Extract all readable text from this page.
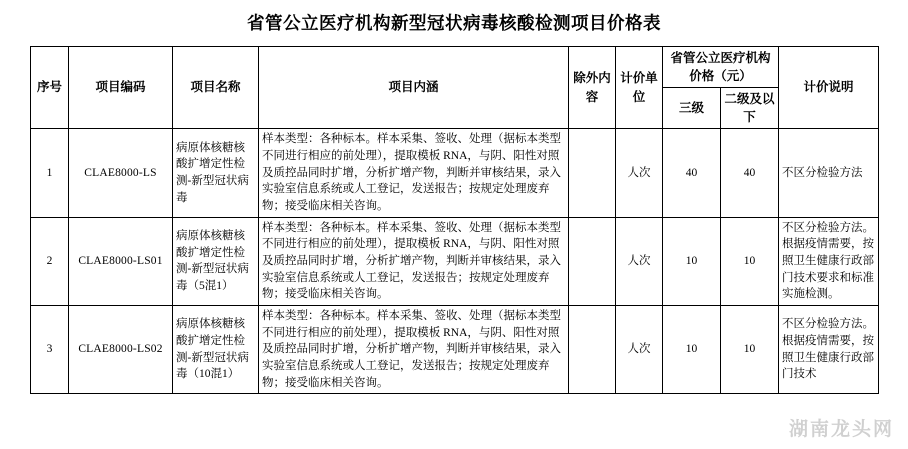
省管公立医疗机构新型冠状病毒核酸检测项目价格表
序号	项目编码	项目名称	项目内涵	除外内容	计价单位	省管公立医疗机构价格（元）		计价说明
						三级	二级及以下	
1	CLAE8000-LS	病原体核糖核酸扩增定性检测-新型冠状病毒	样本类型：各种标本。样本采集、签收、处理（据标本类型不同进行相应的前处理），提取模板 RNA，与阴、阳性对照及质控品同时扩增，分析扩增产物，判断并审核结果，录入实验室信息系统或人工登记，发送报告；按规定处理废弃物；接受临床相关咨询。		人次	40	40	不区分检验方法
2	CLAE8000-LS01	病原体核糖核酸扩增定性检测-新型冠状病毒（5混1）	样本类型：各种标本。样本采集、签收、处理（据标本类型不同进行相应的前处理），提取模板 RNA，与阴、阳性对照及质控品同时扩增，分析扩增产物，判断并审核结果，录入实验室信息系统或人工登记，发送报告；按规定处理废弃物；接受临床相关咨询。		人次	10	10	不区分检验方法。根据疫情需要，按照卫生健康行政部门技术要求和标准实施检测。
3	CLAE8000-LS02	病原体核糖核酸扩增定性检测-新型冠状病毒（10混1）	样本类型：各种标本。样本采集、签收、处理（据标本类型不同进行相应的前处理），提取模板 RNA，与阴、阳性对照及质控品同时扩增，分析扩增产物，判断并审核结果，录入实验室信息系统或人工登记，发送报告；按规定处理废弃物；接受临床相关咨询。		人次	10	10	不区分检验方法。根据疫情需要，按照卫生健康行政部门技术
湖南龙头网
